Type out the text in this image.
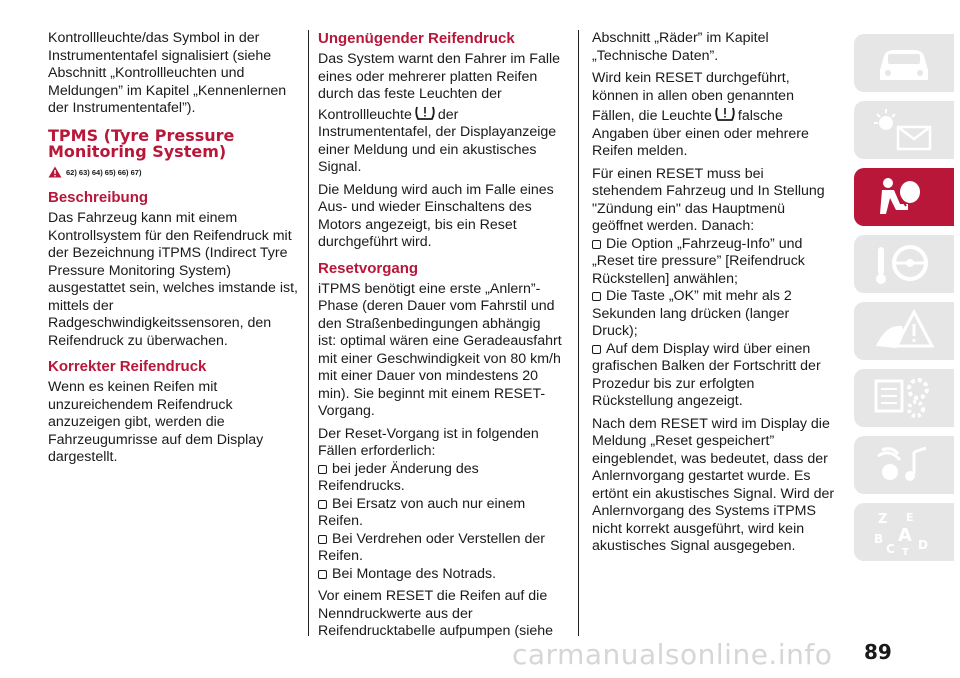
Kontrollleuchte/das Symbol in der Instrumententafel signalisiert (siehe Abschnitt „Kontrollleuchten und Meldungen” im Kapitel „Kennenlernen der Instrumententafel”).

TPMS (Tyre Pressure
Monitoring System)
62) 63) 64) 65) 66) 67)
Beschreibung

Das Fahrzeug kann mit einem Kontrollsystem für den Reifendruck mit der Bezeichnung iTPMS (Indirect Tyre Pressure Monitoring System) ausgestattet sein, welches imstande ist, mittels der Radgeschwindigkeitssensoren, den Reifendruck zu überwachen.

Korrekter Reifendruck

Wenn es keinen Reifen mit unzureichendem Reifendruck anzuzeigen gibt, werden die Fahrzeugumrisse auf dem Display dargestellt.

Ungenügender Reifendruck

Das System warnt den Fahrer im Falle eines oder mehrerer platten Reifen durch das feste Leuchten der Kontrollleuchte der Instrumententafel, der Displayanzeige einer Meldung und ein akustisches Signal.

Die Meldung wird auch im Falle eines Aus- und wieder Einschaltens des Motors angezeigt, bis ein Reset durchgeführt wird.

Resetvorgang

iTPMS benötigt eine erste „Anlern”-Phase (deren Dauer vom Fahrstil und den Straßenbedingungen abhängig ist: optimal wären eine Geradeausfahrt mit einer Geschwindigkeit von 80 km/h mit einer Dauer von mindestens 20 min). Sie beginnt mit einem RESET-Vorgang.

Der Reset-Vorgang ist in folgenden Fällen erforderlich:

bei jeder Änderung des Reifendrucks.

Bei Ersatz von auch nur einem Reifen.

Bei Verdrehen oder Verstellen der Reifen.

Bei Montage des Notrads.

Vor einem RESET die Reifen auf die Nenndruckwerte aus der Reifendrucktabelle aufpumpen (siehe

Abschnitt „Räder” im Kapitel „Technische Daten”.

Wird kein RESET durchgeführt, können in allen oben genannten Fällen, die Leuchte falsche Angaben über einen oder mehrere Reifen melden.

Für einen RESET muss bei stehendem Fahrzeug und In Stellung "Zündung ein" das Hauptmenü geöffnet werden. Danach:

Die Option „Fahrzeug-Info” und „Reset tire pressure” [Reifendruck Rückstellen] anwählen;

Die Taste „OK” mit mehr als 2 Sekunden lang drücken (langer Druck);

Auf dem Display wird über einen grafischen Balken der Fortschritt der Prozedur bis zur erfolgten Rückstellung angezeigt.

Nach dem RESET wird im Display die Meldung „Reset gespeichert” eingeblendet, was bedeutet, dass der Anlernvorgang gestartet wurde. Es ertönt ein akustisches Signal. Wird der Anlernvorgang des Systems iTPMS nicht korrekt ausgeführt, wird kein akustisches Signal ausgegeben.

Z E
B A
C D
T
carmanualsonline.info 89
